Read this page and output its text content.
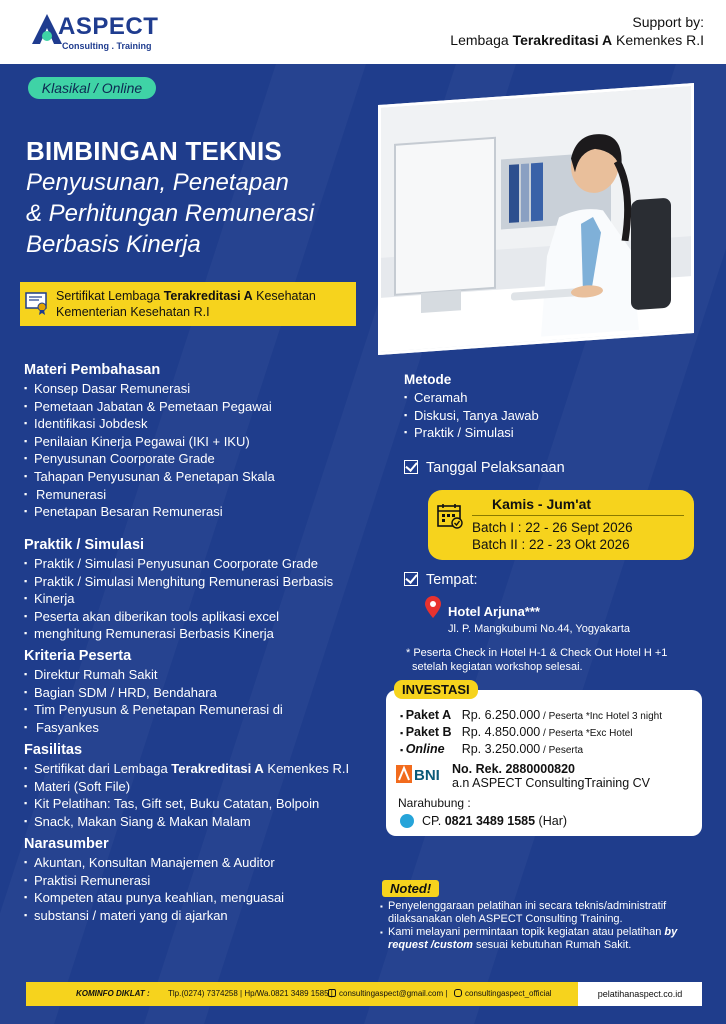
ASPECT
Consulting . Training
Support by:
Lembaga Terakreditasi A Kemenkes R.I
Klasikal / Online
BIMBINGAN TEKNIS
Penyusunan, Penetapan
& Perhitungan Remunerasi
Berbasis Kinerja
Sertifikat Lembaga Terakreditasi A Kesehatan
Kementerian Kesehatan R.I
Materi Pembahasan
▪ Konsep Dasar Remunerasi
▪ Pemetaan Jabatan & Pemetaan Pegawai
▪ Identifikasi Jobdesk
▪ Penilaian Kinerja Pegawai (IKI + IKU)
▪ Penyusunan Coorporate Grade
▪ Tahapan Penyusunan & Penetapan Skala
▪ Remunerasi
▪ Penetapan Besaran Remunerasi
Praktik / Simulasi
▪ Praktik / Simulasi Penyusunan Coorporate Grade
▪ Praktik / Simulasi Menghitung Remunerasi Berbasis
▪ Kinerja
▪ Peserta akan diberikan tools aplikasi excel
▪ menghitung Remunerasi Berbasis Kinerja
Kriteria Peserta
▪ Direktur Rumah Sakit
▪ Bagian SDM / HRD, Bendahara
▪ Tim Penyusun & Penetapan Remunerasi di
▪ Fasyankes
Fasilitas
▪ Sertifikat dari Lembaga Terakreditasi A Kemenkes R.I
▪ Materi (Soft File)
▪ Kit Pelatihan: Tas, Gift set, Buku Catatan, Bolpoin
▪ Snack, Makan Siang & Makan Malam
Narasumber
▪ Akuntan, Konsultan Manajemen & Auditor
▪ Praktisi Remunerasi
▪ Kompeten atau punya keahlian, menguasai
▪ substansi / materi yang di ajarkan
Metode
▪ Ceramah
▪ Diskusi, Tanya Jawab
▪ Praktik / Simulasi
Tanggal Pelaksanaan
Kamis - Jum'at
Batch I : 22 - 26 Sept 2026
Batch II : 22 - 23 Okt 2026
Tempat:
Hotel Arjuna***
Jl. P. Mangkubumi No.44, Yogyakarta
* Peserta Check in Hotel H-1 & Check Out Hotel H +1
setelah kegiatan workshop selesai.
INVESTASI
▪ Paket A Rp. 6.250.000 / Peserta *Inc Hotel 3 night
▪ Paket B Rp. 4.850.000 / Peserta *Exc Hotel
▪ Online Rp. 3.250.000 / Peserta
BNI No. Rek. 2880000820
a.n ASPECT ConsultingTraining CV
Narahubung :
CP. 0821 3489 1585 (Har)
Noted!
▪ Penyelenggaraan pelatihan ini secara teknis/administratif dilaksanakan oleh ASPECT Consulting Training.
▪ Kami melayani permintaan topik kegiatan atau pelatihan by request /custom sesuai kebutuhan Rumah Sakit.
KOMINFO DIKLAT : Tlp.(0274) 7374258 | Hp/Wa.0821 3489 1585 | consultingaspect@gmail.com |	consultingaspect_official	pelatihanaspect.co.id
